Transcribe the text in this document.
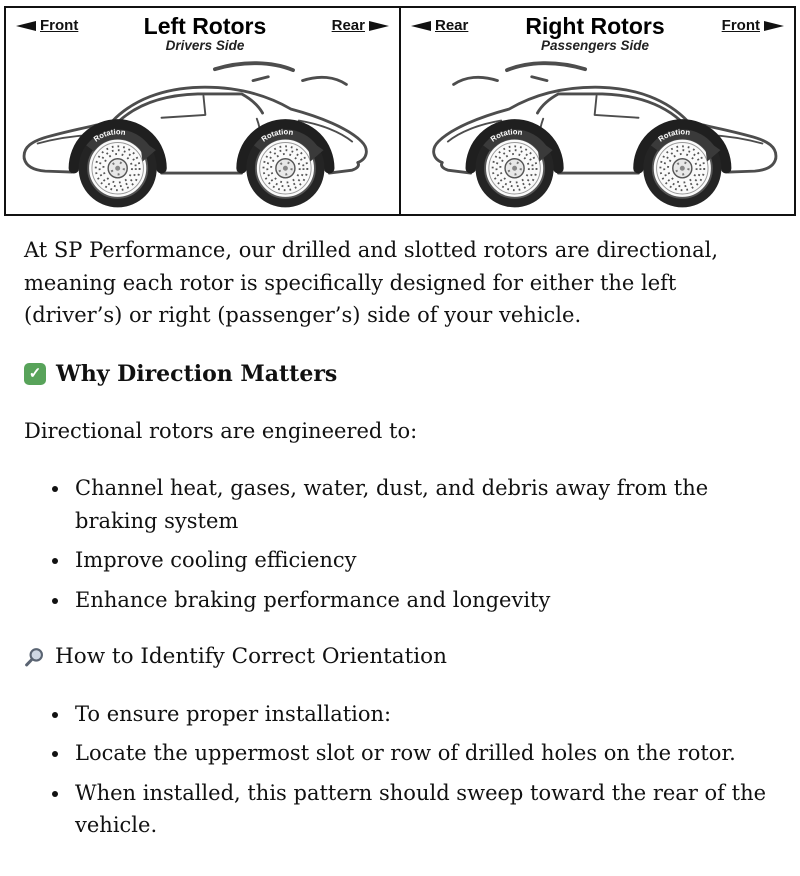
Front	Left Rotors
Drivers Side
Rear	Rear Right Rotors
Passengers Side
Front

At SP Performance, our drilled and slotted rotors are directional, meaning each rotor is specifically designed for either the left (driver’s) or right (passenger’s) side of your vehicle.

✓ Why Direction Matters

Directional rotors are engineered to:

• Channel heat, gases, water, dust, and debris away from the braking system
• Improve cooling efficiency
• Enhance braking performance and longevity
How to Identify Correct Orientation
• To ensure proper installation:
• Locate the uppermost slot or row of drilled holes on the rotor.
• When installed, this pattern should sweep toward the rear of the vehicle.
